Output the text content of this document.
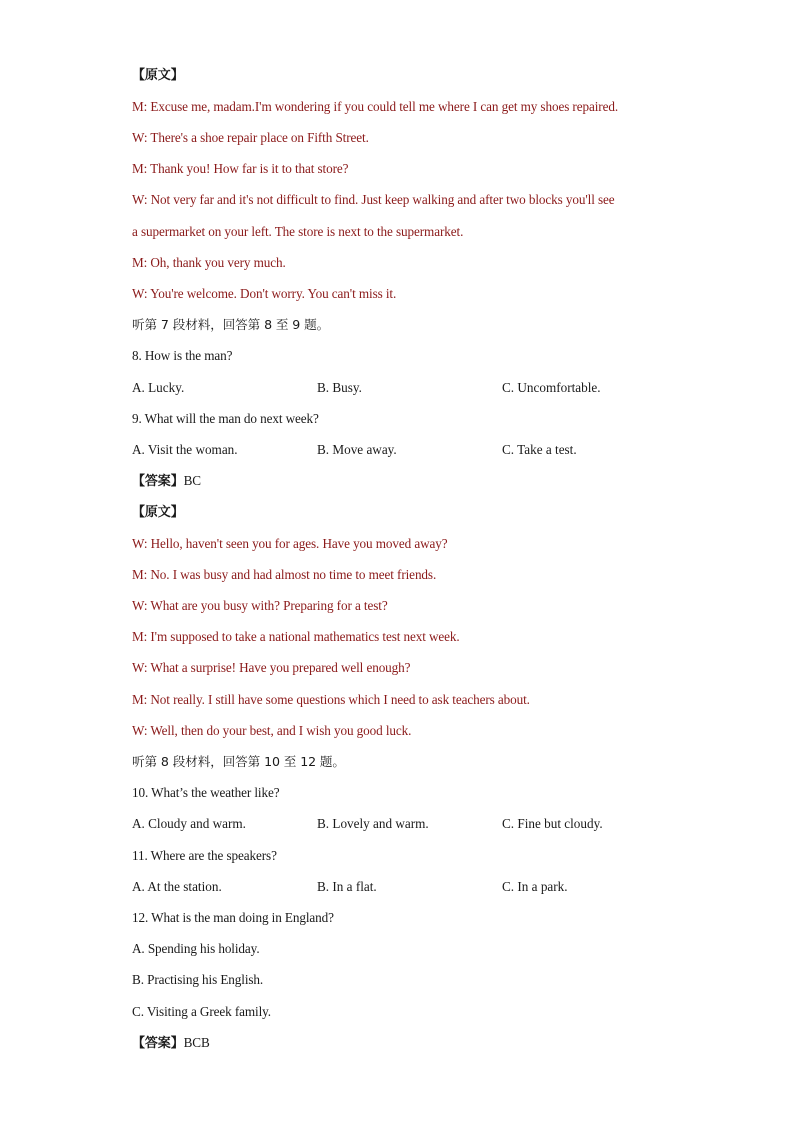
【原文】
M: Excuse me, madam.I'm wondering if you could tell me where I can get my shoes repaired.
W: There's a shoe repair place on Fifth Street.
M: Thank you! How far is it to that store?
W: Not very far and it's not difficult to find. Just keep walking and after two blocks you'll see
a supermarket on your left. The store is next to the supermarket.
M: Oh, thank you very much.
W: You're welcome. Don't worry. You can't miss it.
听第 7 段材料，回答第 8 至 9 题。
8. How is the man?
A. Lucky.	B. Busy.	C. Uncomfortable.
9. What will the man do next week?
A. Visit the woman.	B. Move away.	C. Take a test.
【答案】BC
【原文】
W: Hello, haven't seen you for ages. Have you moved away?
M: No. I was busy and had almost no time to meet friends.
W: What are you busy with? Preparing for a test?
M: I'm supposed to take a national mathematics test next week.
W: What a surprise! Have you prepared well enough?
M: Not really. I still have some questions which I need to ask teachers about.
W: Well, then do your best, and I wish you good luck.
听第 8 段材料，回答第 10 至 12 题。
10. What’s the weather like?
A. Cloudy and warm.	B. Lovely and warm.	C. Fine but cloudy.
11. Where are the speakers?
A. At the station.	B. In a flat.	C. In a park.
12. What is the man doing in England?
A. Spending his holiday.
B. Practising his English.
C. Visiting a Greek family.
【答案】BCB
